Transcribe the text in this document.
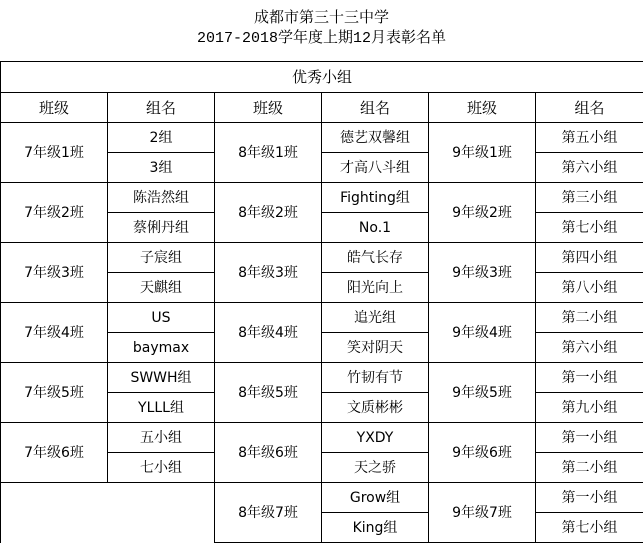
成都市第三十三中学
2017-2018学年度上期12月表彰名单
优秀小组					
班级	组名	班级	组名	班级	组名
7年级1班	2组	8年级1班	德艺双馨组	9年级1班	第五小组
	3组		才高八斗组		第六小组
7年级2班	陈浩然组	8年级2班	Fighting组	9年级2班	第三小组
	蔡俐丹组		No.1		第七小组
7年级3班	子宸组	8年级3班	皓气长存	9年级3班	第四小组
	天麒组		阳光向上		第八小组
7年级4班	US	8年级4班	追光组	9年级4班	第二小组
	baymax		笑对阴天		第六小组
7年级5班	SWWH组	8年级5班	竹韧有节	9年级5班	第一小组
	YLLL组		文质彬彬		第九小组
7年级6班	五小组	8年级6班	YXDY	9年级6班	第一小组
	七小组		天之骄		第二小组
		8年级7班	Grow组	9年级7班	第一小组
			King组		第七小组
